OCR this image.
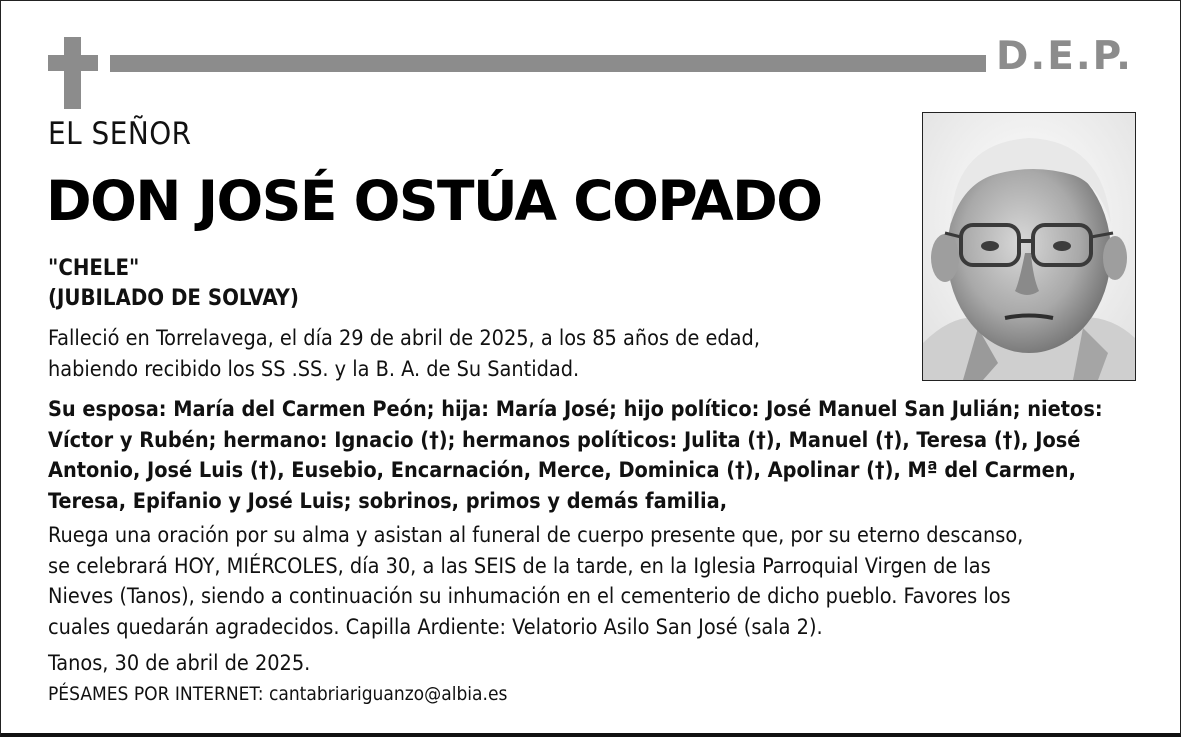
D.E.P.
EL SEÑOR
DON JOSÉ OSTÚA COPADO
"CHELE"
(JUBILADO DE SOLVAY)
Falleció en Torrelavega, el día 29 de abril de 2025, a los 85 años de edad,
habiendo recibido los SS .SS. y la B. A. de Su Santidad.
Su esposa: María del Carmen Peón; hija: María José; hijo político: José Manuel San Julián; nietos:
Víctor y Rubén; hermano: Ignacio (†); hermanos políticos: Julita (†), Manuel (†), Teresa (†), José
Antonio, José Luis (†), Eusebio, Encarnación, Merce, Dominica (†), Apolinar (†), Mª del Carmen,
Teresa, Epifanio y José Luis; sobrinos, primos y demás familia,
Ruega una oración por su alma y asistan al funeral de cuerpo presente que, por su eterno descanso,
se celebrará HOY, MIÉRCOLES, día 30, a las SEIS de la tarde, en la Iglesia Parroquial Virgen de las
Nieves (Tanos), siendo a continuación su inhumación en el cementerio de dicho pueblo. Favores los
cuales quedarán agradecidos. Capilla Ardiente: Velatorio Asilo San José (sala 2).
Tanos, 30 de abril de 2025.
PÉSAMES POR INTERNET: cantabriariguanzo@albia.es
